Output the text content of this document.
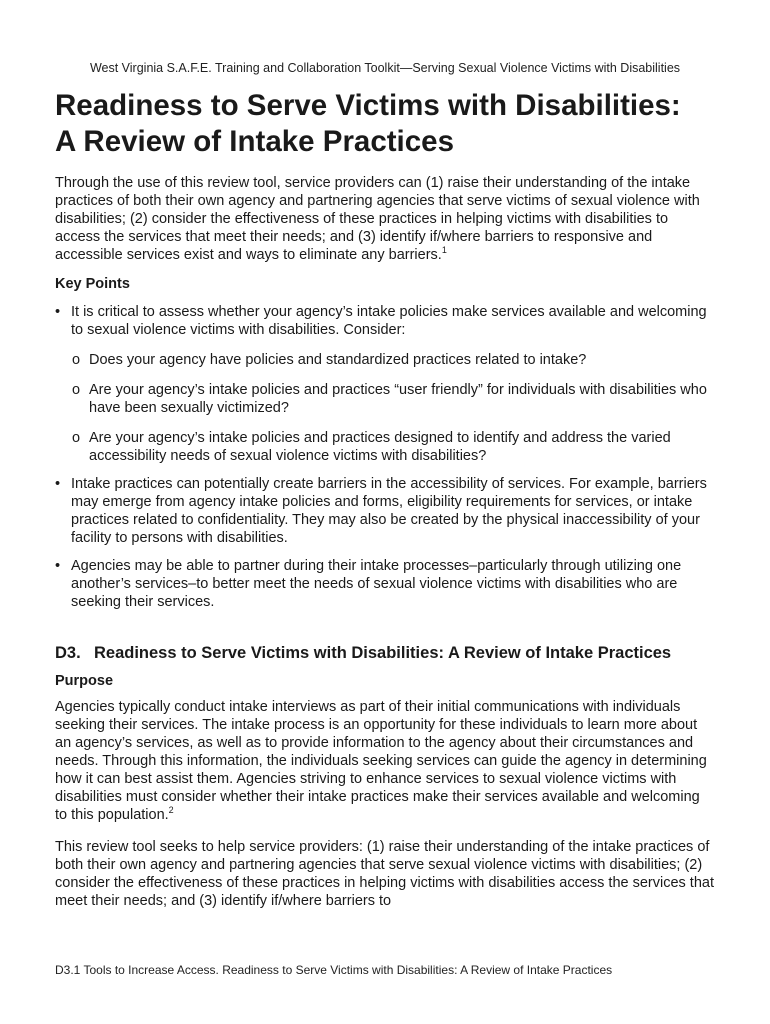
West Virginia S.A.F.E. Training and Collaboration Toolkit—Serving Sexual Violence Victims with Disabilities
Readiness to Serve Victims with Disabilities:
A Review of Intake Practices

Through the use of this review tool, service providers can (1) raise their understanding of the intake practices of both their own agency and partnering agencies that serve victims of sexual violence with disabilities; (2) consider the effectiveness of these practices in helping victims with disabilities to access the services that meet their needs; and (3) identify if/where barriers to responsive and accessible services exist and ways to eliminate any barriers.$^1$

Key Points
• It is critical to assess whether your agency’s intake policies make services available and welcoming to sexual violence victims with disabilities. Consider:
o Does your agency have policies and standardized practices related to intake?
o Are your agency’s intake policies and practices “user friendly” for individuals with disabilities who have been sexually victimized?
o Are your agency’s intake policies and practices designed to identify and address the varied accessibility needs of sexual violence victims with disabilities?
• Intake practices can potentially create barriers in the accessibility of services. For example, barriers may emerge from agency intake policies and forms, eligibility requirements for services, or intake practices related to confidentiality. They may also be created by the physical inaccessibility of your facility to persons with disabilities.
• Agencies may be able to partner during their intake processes–particularly through utilizing one another’s services–to better meet the needs of sexual violence victims with disabilities who are seeking their services.
D3. Readiness to Serve Victims with Disabilities: A Review of Intake Practices
Purpose

Agencies typically conduct intake interviews as part of their initial communications with individuals seeking their services. The intake process is an opportunity for these individuals to learn more about an agency’s services, as well as to provide information to the agency about their circumstances and needs. Through this information, the individuals seeking services can guide the agency in determining how it can best assist them. Agencies striving to enhance services to sexual violence victims with disabilities must consider whether their intake practices make their services available and welcoming to this population.$^2$

This review tool seeks to help service providers: (1) raise their understanding of the intake practices of both their own agency and partnering agencies that serve sexual violence victims with disabilities; (2) consider the effectiveness of these practices in helping victims with disabilities access the services that meet their needs; and (3) identify if/where barriers to

D3.1 Tools to Increase Access. Readiness to Serve Victims with Disabilities: A Review of Intake Practices
